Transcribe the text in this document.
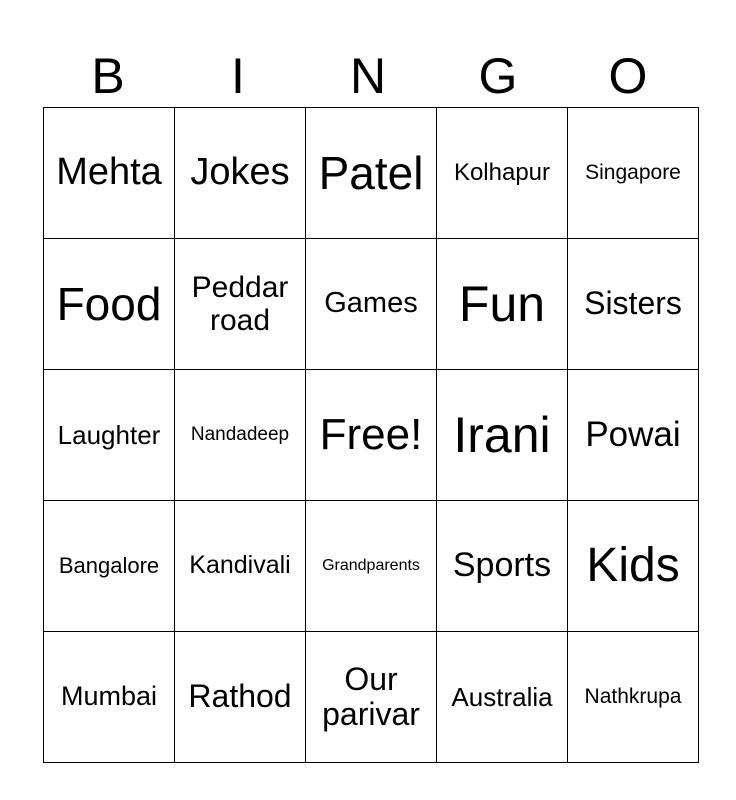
B	I	N	G	O
Mehta	Jokes	Patel	Kolhapur	Singapore
Food	Peddar road	Games	Fun	Sisters
Laughter	Nandadeep	Free!	Irani	Powai
Bangalore	Kandivali	Grandparents	Sports	Kids
Mumbai	Rathod	Our parivar	Australia	Nathkrupa
